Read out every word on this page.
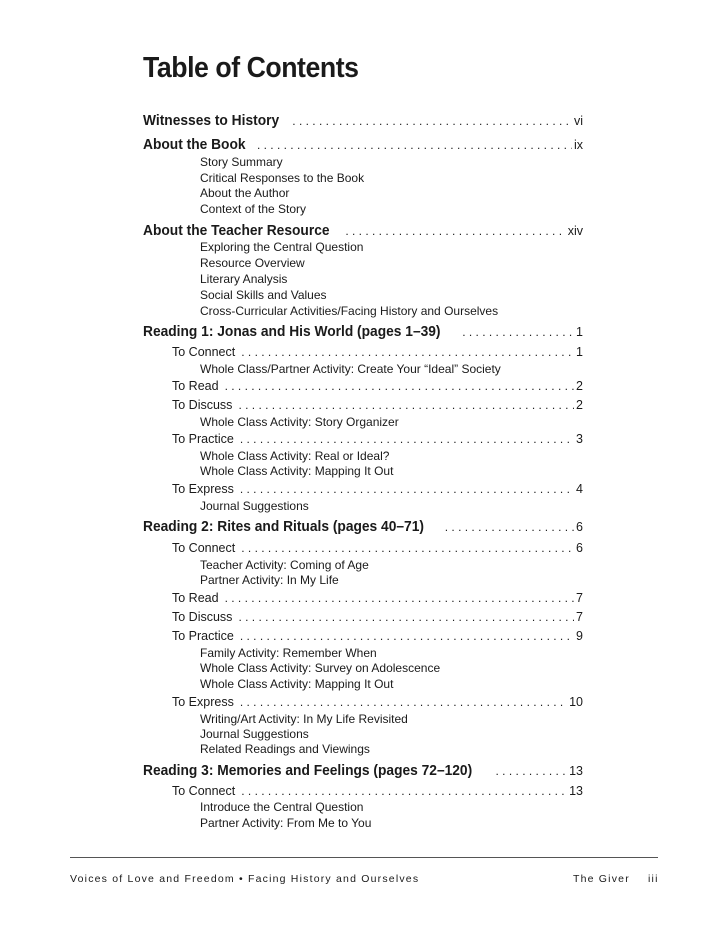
Table of Contents
Witnesses to History . . .	vi
About the Book . . .	ix
Story Summary
Critical Responses to the Book
About the Author
Context of the Story
About the Teacher Resource . . .	xiv
Exploring the Central Question
Resource Overview
Literary Analysis
Social Skills and Values
Cross-Curricular Activities/Facing History and Ourselves
Reading 1: Jonas and His World (pages 1–39) . . .	1
To Connect . . .	1
Whole Class/Partner Activity: Create Your “Ideal” Society
To Read . . .	2
To Discuss . . .	2
Whole Class Activity: Story Organizer
To Practice . . .	3
Whole Class Activity: Real or Ideal?
Whole Class Activity: Mapping It Out
To Express . . .	4
Journal Suggestions
Reading 2: Rites and Rituals (pages 40–71) . . .	6
To Connect . . .	6
Teacher Activity: Coming of Age
Partner Activity: In My Life
To Read . . .	7
To Discuss . . .	7
To Practice . . .	9
Family Activity: Remember When
Whole Class Activity: Survey on Adolescence
Whole Class Activity: Mapping It Out
To Express . . .	10
Writing/Art Activity: In My Life Revisited
Journal Suggestions
Related Readings and Viewings
Reading 3: Memories and Feelings (pages 72–120) . . .	13
To Connect . . .	13
Introduce the Central Question
Partner Activity: From Me to You
Voices of Love and Freedom • Facing History and Ourselves	The Giver iii
